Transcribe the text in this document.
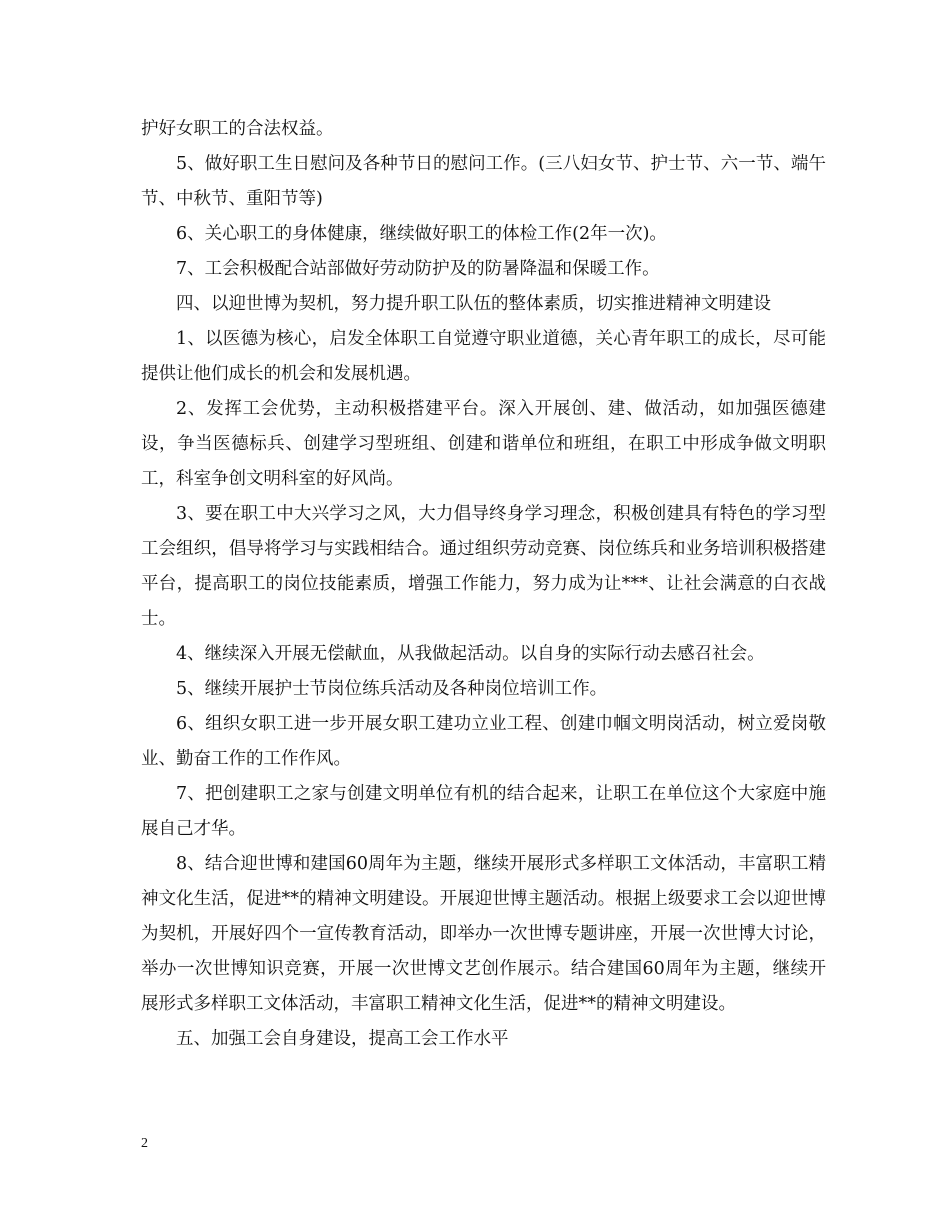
护好女职工的合法权益。

5、做好职工生日慰问及各种节日的慰问工作。(三八妇女节、护士节、六一节、端午节、中秋节、重阳节等)

6、关心职工的身体健康，继续做好职工的体检工作(2年一次)。

7、工会积极配合站部做好劳动防护及的防暑降温和保暖工作。

四、以迎世博为契机，努力提升职工队伍的整体素质，切实推进精神文明建设

1、以医德为核心，启发全体职工自觉遵守职业道德，关心青年职工的成长，尽可能提供让他们成长的机会和发展机遇。

2、发挥工会优势，主动积极搭建平台。深入开展创、建、做活动，如加强医德建设，争当医德标兵、创建学习型班组、创建和谐单位和班组，在职工中形成争做文明职工，科室争创文明科室的好风尚。

3、要在职工中大兴学习之风，大力倡导终身学习理念，积极创建具有特色的学习型工会组织，倡导将学习与实践相结合。通过组织劳动竞赛、岗位练兵和业务培训积极搭建平台，提高职工的岗位技能素质，增强工作能力，努力成为让***、让社会满意的白衣战士。

4、继续深入开展无偿献血，从我做起活动。以自身的实际行动去感召社会。

5、继续开展护士节岗位练兵活动及各种岗位培训工作。

6、组织女职工进一步开展女职工建功立业工程、创建巾帼文明岗活动，树立爱岗敬业、勤奋工作的工作作风。

7、把创建职工之家与创建文明单位有机的结合起来，让职工在单位这个大家庭中施展自己才华。

8、结合迎世博和建国60周年为主题，继续开展形式多样职工文体活动，丰富职工精神文化生活，促进**的精神文明建设。开展迎世博主题活动。根据上级要求工会以迎世博为契机，开展好四个一宣传教育活动，即举办一次世博专题讲座，开展一次世博大讨论，举办一次世博知识竞赛，开展一次世博文艺创作展示。结合建国60周年为主题，继续开展形式多样职工文体活动，丰富职工精神文化生活，促进**的精神文明建设。

五、加强工会自身建设，提高工会工作水平

2
